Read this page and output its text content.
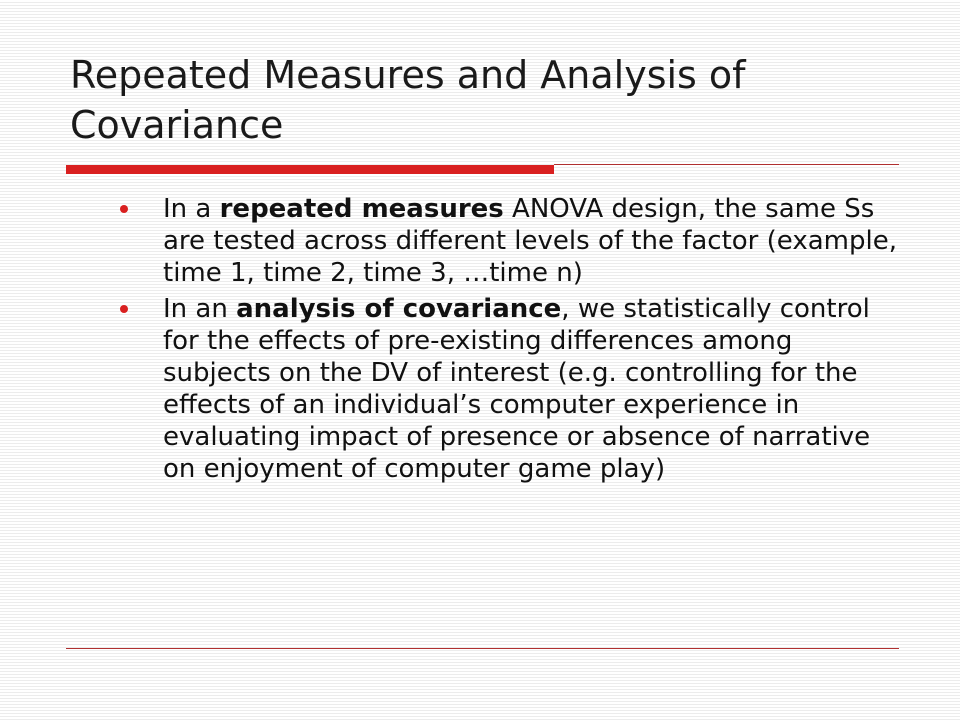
Repeated Measures and Analysis of Covariance
In a repeated measures ANOVA design, the same Ss are tested across different levels of the factor (example, time 1, time 2, time 3, …time n)
In an analysis of covariance, we statistically control for the effects of pre-existing differences among subjects on the DV of interest (e.g. controlling for the effects of an individual’s computer experience in evaluating impact of presence or absence of narrative on enjoyment of computer game play)
